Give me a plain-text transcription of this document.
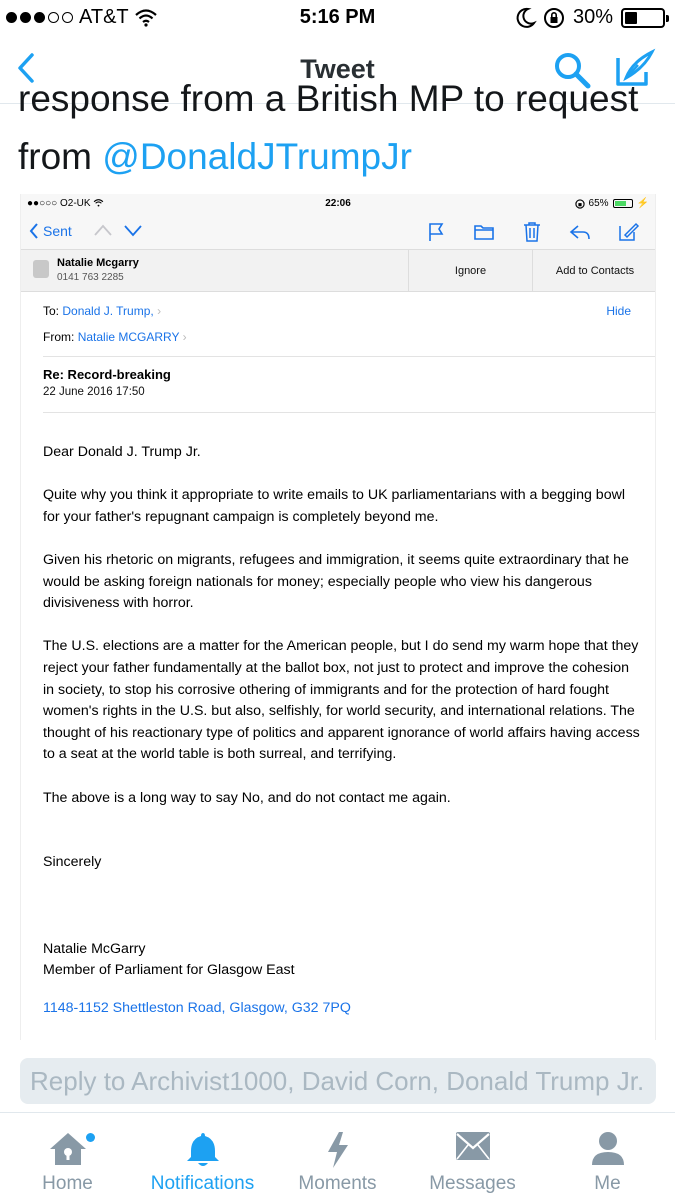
AT&T	5:16 PM	30%
Tweet
response from a British MP to request
from @DonaldJTrumpJr
●●○○○ O2-UK	22:06	65%	⚡
Sent
Natalie Mcgarry
0141 763 2285
Ignore	Add to Contacts
To: Donald J. Trump, ›	Hide
From: Natalie MCGARRY ›
Re: Record-breaking
22 June 2016 17:50

Dear Donald J. Trump Jr.

Quite why you think it appropriate to write emails to UK parliamentarians with a begging bowl for your father's repugnant campaign is completely beyond me.

Given his rhetoric on migrants, refugees and immigration, it seems quite extraordinary that he would be asking foreign nationals for money; especially people who view his dangerous divisiveness with horror.

The U.S. elections are a matter for the American people, but I do send my warm hope that they reject your father fundamentally at the ballot box, not just to protect and improve the cohesion in society, to stop his corrosive othering of immigrants and for the protection of hard fought women's rights in the U.S. but also, selfishly, for world security, and international relations. The thought of his reactionary type of politics and apparent ignorance of world affairs having access to a seat at the world table is both surreal, and terrifying.

The above is a long way to say No, and do not contact me again.

Sincerely

Natalie McGarry
Member of Parliament for Glasgow East
1148-1152 Shettleston Road, Glasgow, G32 7PQ
Reply to Archivist1000, David Corn, Donald Trump Jr.
Home	Notifications	Moments	Messages	Me
